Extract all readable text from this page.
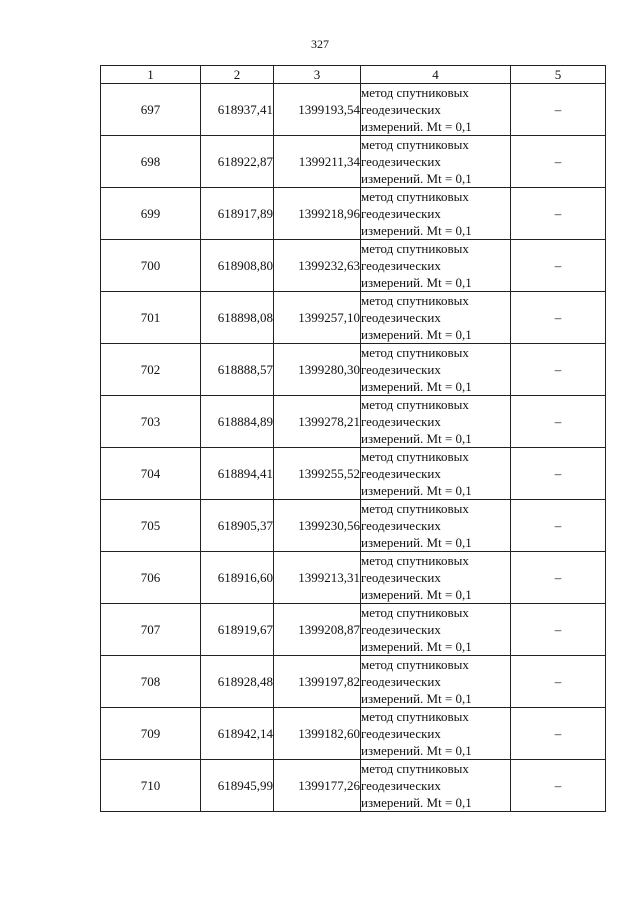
327
1	2	3	4	5
697	618937,41	1399193,54	метод спутниковых
геодезических
измерений. Mt = 0,1	–
698	618922,87	1399211,34	метод спутниковых
геодезических
измерений. Mt = 0,1	–
699	618917,89	1399218,96	метод спутниковых
геодезических
измерений. Mt = 0,1	–
700	618908,80	1399232,63	метод спутниковых
геодезических
измерений. Mt = 0,1	–
701	618898,08	1399257,10	метод спутниковых
геодезических
измерений. Mt = 0,1	–
702	618888,57	1399280,30	метод спутниковых
геодезических
измерений. Mt = 0,1	–
703	618884,89	1399278,21	метод спутниковых
геодезических
измерений. Mt = 0,1	–
704	618894,41	1399255,52	метод спутниковых
геодезических
измерений. Mt = 0,1	–
705	618905,37	1399230,56	метод спутниковых
геодезических
измерений. Mt = 0,1	–
706	618916,60	1399213,31	метод спутниковых
геодезических
измерений. Mt = 0,1	–
707	618919,67	1399208,87	метод спутниковых
геодезических
измерений. Mt = 0,1	–
708	618928,48	1399197,82	метод спутниковых
геодезических
измерений. Mt = 0,1	–
709	618942,14	1399182,60	метод спутниковых
геодезических
измерений. Mt = 0,1	–
710	618945,99	1399177,26	метод спутниковых
геодезических
измерений. Mt = 0,1	–
